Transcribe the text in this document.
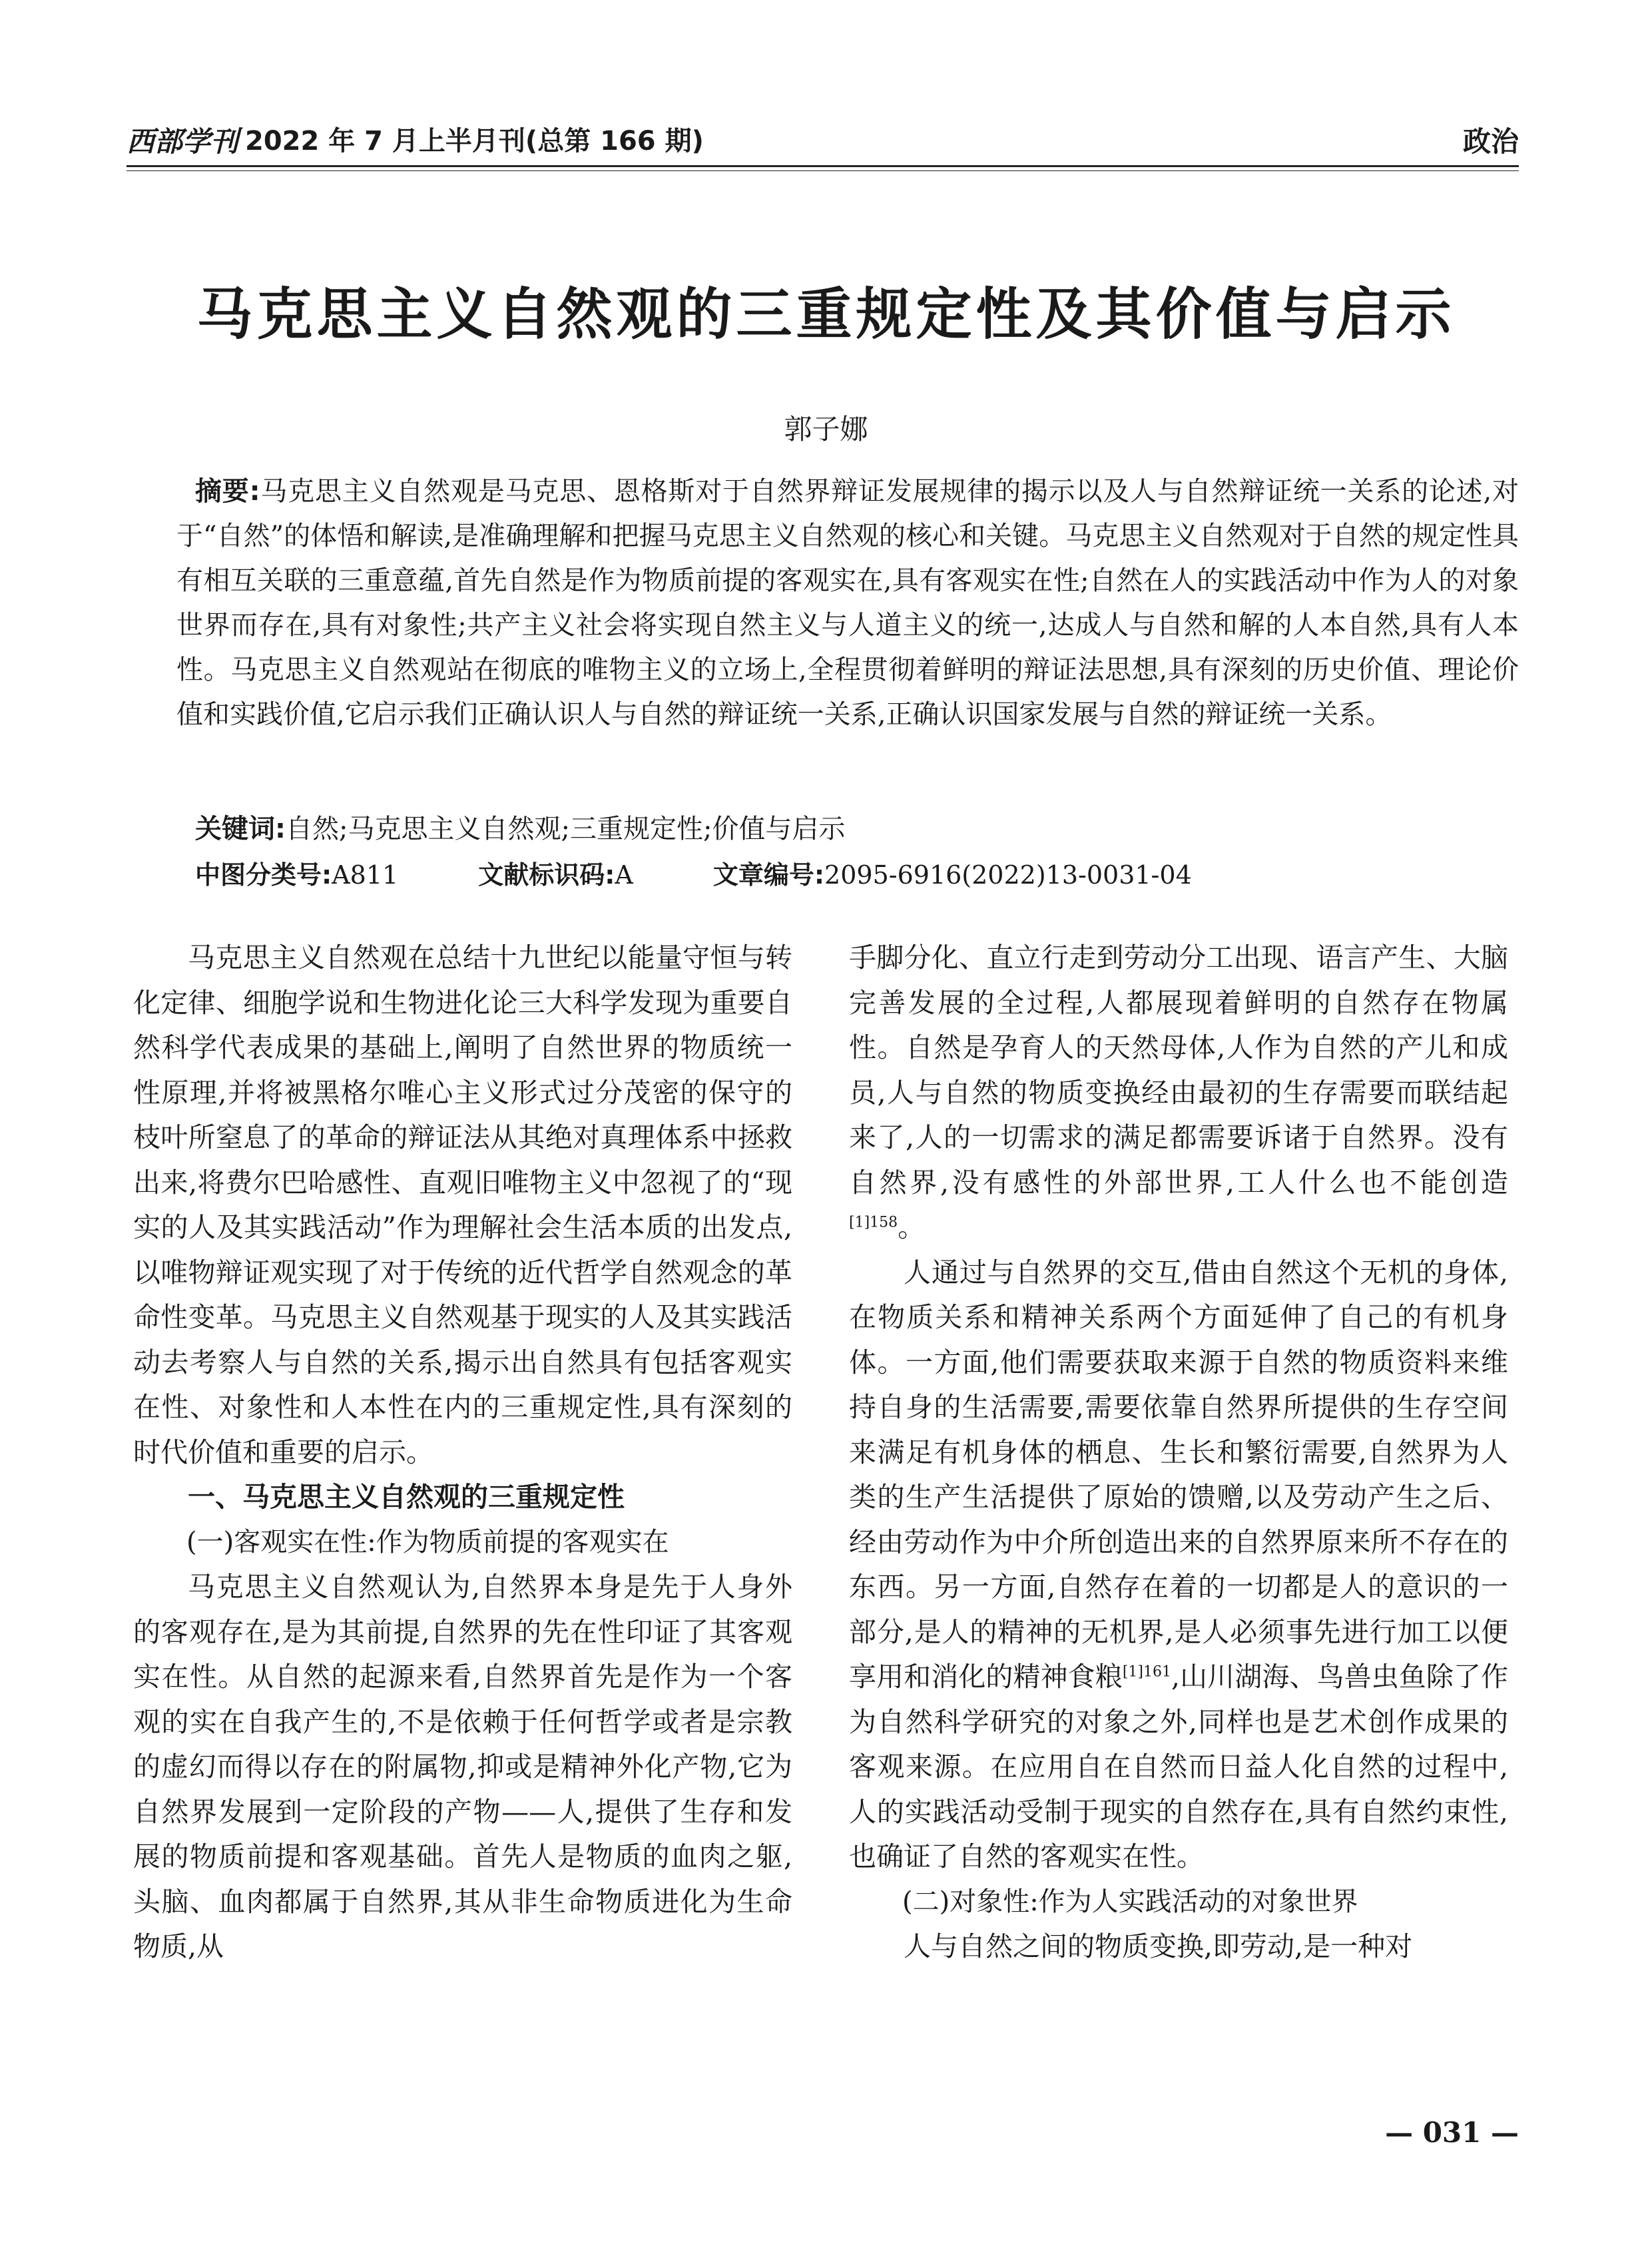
西部学刊 2022 年 7 月上半月刊(总第 166 期)	政治
马克思主义自然观的三重规定性及其价值与启示
郭子娜
摘要:马克思主义自然观是马克思、恩格斯对于自然界辩证发展规律的揭示以及人与自然辩证统一关系的论述,对于“自然”的体悟和解读,是准确理解和把握马克思主义自然观的核心和关键。马克思主义自然观对于自然的规定性具有相互关联的三重意蕴,首先自然是作为物质前提的客观实在,具有客观实在性;自然在人的实践活动中作为人的对象世界而存在,具有对象性;共产主义社会将实现自然主义与人道主义的统一,达成人与自然和解的人本自然,具有人本性。马克思主义自然观站在彻底的唯物主义的立场上,全程贯彻着鲜明的辩证法思想,具有深刻的历史价值、理论价值和实践价值,它启示我们正确认识人与自然的辩证统一关系,正确认识国家发展与自然的辩证统一关系。
关键词:自然;马克思主义自然观;三重规定性;价值与启示
中图分类号:A811	文献标识码:A	文章编号:2095-6916(2022)13-0031-04

马克思主义自然观在总结十九世纪以能量守恒与转化定律、细胞学说和生物进化论三大科学发现为重要自然科学代表成果的基础上,阐明了自然世界的物质统一性原理,并将被黑格尔唯心主义形式过分茂密的保守的枝叶所窒息了的革命的辩证法从其绝对真理体系中拯救出来,将费尔巴哈感性、直观旧唯物主义中忽视了的“现实的人及其实践活动”作为理解社会生活本质的出发点,以唯物辩证观实现了对于传统的近代哲学自然观念的革命性变革。马克思主义自然观基于现实的人及其实践活动去考察人与自然的关系,揭示出自然具有包括客观实在性、对象性和人本性在内的三重规定性,具有深刻的时代价值和重要的启示。

一、马克思主义自然观的三重规定性
(一)客观实在性:作为物质前提的客观实在

马克思主义自然观认为,自然界本身是先于人身外的客观存在,是为其前提,自然界的先在性印证了其客观实在性。从自然的起源来看,自然界首先是作为一个客观的实在自我产生的,不是依赖于任何哲学或者是宗教的虚幻而得以存在的附属物,抑或是精神外化产物,它为自然界发展到一定阶段的产物——人,提供了生存和发展的物质前提和客观基础。首先人是物质的血肉之躯,头脑、血肉都属于自然界,其从非生命物质进化为生命物质,从

手脚分化、直立行走到劳动分工出现、语言产生、大脑完善发展的全过程,人都展现着鲜明的自然存在物属性。自然是孕育人的天然母体,人作为自然的产儿和成员,人与自然的物质变换经由最初的生存需要而联结起来了,人的一切需求的满足都需要诉诸于自然界。没有自然界,没有感性的外部世界,工人什么也不能创造$^{[1]158}$。

人通过与自然界的交互,借由自然这个无机的身体,在物质关系和精神关系两个方面延伸了自己的有机身体。一方面,他们需要获取来源于自然的物质资料来维持自身的生活需要,需要依靠自然界所提供的生存空间来满足有机身体的栖息、生长和繁衍需要,自然界为人类的生产生活提供了原始的馈赠,以及劳动产生之后、经由劳动作为中介所创造出来的自然界原来所不存在的东西。另一方面,自然存在着的一切都是人的意识的一部分,是人的精神的无机界,是人必须事先进行加工以便享用和消化的精神食粮$^{[1]161}$,山川湖海、鸟兽虫鱼除了作为自然科学研究的对象之外,同样也是艺术创作成果的客观来源。在应用自在自然而日益人化自然的过程中,人的实践活动受制于现实的自然存在,具有自然约束性,也确证了自然的客观实在性。

(二)对象性:作为人实践活动的对象世界

人与自然之间的物质变换,即劳动,是一种对

— 031 —
